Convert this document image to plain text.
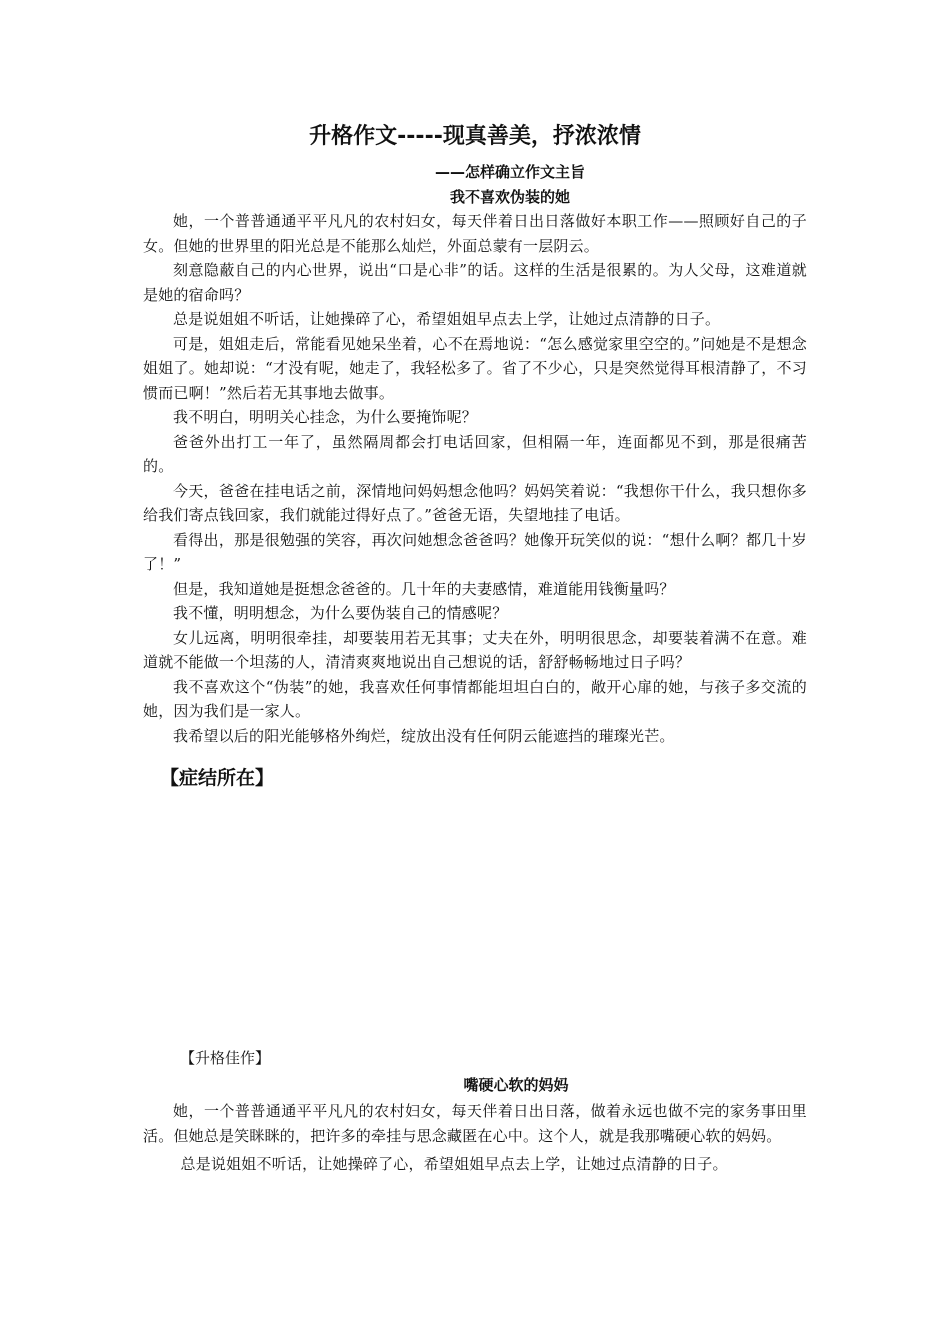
升格作文-----现真善美，抒浓浓情
——怎样确立作文主旨
我不喜欢伪装的她

她，一个普普通通平平凡凡的农村妇女，每天伴着日出日落做好本职工作——照顾好自己的子女。但她的世界里的阳光总是不能那么灿烂，外面总蒙有一层阴云。

刻意隐蔽自己的内心世界，说出“口是心非”的话。这样的生活是很累的。为人父母，这难道就是她的宿命吗？

总是说姐姐不听话，让她操碎了心，希望姐姐早点去上学，让她过点清静的日子。

可是，姐姐走后，常能看见她呆坐着，心不在焉地说：“怎么感觉家里空空的。”问她是不是想念姐姐了。她却说：“才没有呢，她走了，我轻松多了。省了不少心，只是突然觉得耳根清静了，不习惯而已啊！”然后若无其事地去做事。

我不明白，明明关心挂念，为什么要掩饰呢？

爸爸外出打工一年了，虽然隔周都会打电话回家，但相隔一年，连面都见不到，那是很痛苦的。

今天，爸爸在挂电话之前，深情地问妈妈想念他吗？妈妈笑着说：“我想你干什么，我只想你多给我们寄点钱回家，我们就能过得好点了。”爸爸无语，失望地挂了电话。

看得出，那是很勉强的笑容，再次问她想念爸爸吗？她像开玩笑似的说：“想什么啊？都几十岁了！”

但是，我知道她是挺想念爸爸的。几十年的夫妻感情，难道能用钱衡量吗？

我不懂，明明想念，为什么要伪装自己的情感呢？

女儿远离，明明很牵挂，却要装用若无其事；丈夫在外，明明很思念，却要装着满不在意。难道就不能做一个坦荡的人，清清爽爽地说出自己想说的话，舒舒畅畅地过日子吗？

我不喜欢这个“伪装”的她，我喜欢任何事情都能坦坦白白的，敞开心扉的她，与孩子多交流的她，因为我们是一家人。

我希望以后的阳光能够格外绚烂，绽放出没有任何阴云能遮挡的璀璨光芒。

【症结所在】
【升格佳作】
嘴硬心软的妈妈

她，一个普普通通平平凡凡的农村妇女，每天伴着日出日落，做着永远也做不完的家务事田里活。但她总是笑眯眯的，把许多的牵挂与思念藏匿在心中。这个人，就是我那嘴硬心软的妈妈。

总是说姐姐不听话，让她操碎了心，希望姐姐早点去上学，让她过点清静的日子。
